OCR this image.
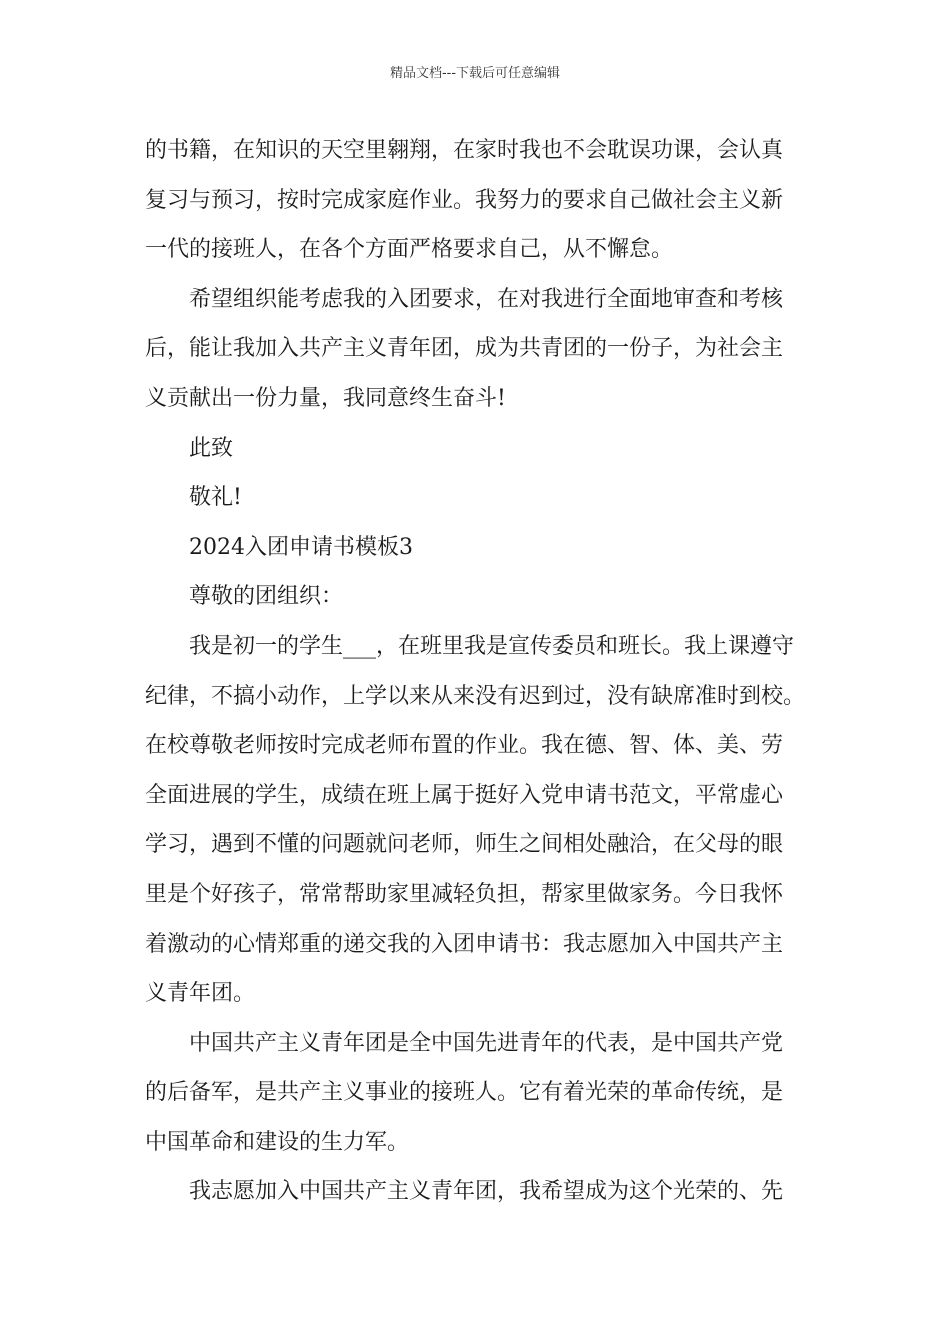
精品文档---下载后可任意编辑
的书籍，在知识的天空里翱翔，在家时我也不会耽误功课，会认真
复习与预习，按时完成家庭作业。我努力的要求自己做社会主义新
一代的接班人，在各个方面严格要求自己，从不懈怠。
希望组织能考虑我的入团要求，在对我进行全面地审查和考核
后，能让我加入共产主义青年团，成为共青团的一份子，为社会主
义贡献出一份力量，我同意终生奋斗!
此致
敬礼!
2024入团申请书模板3
尊敬的团组织：
我是初一的学生___，在班里我是宣传委员和班长。我上课遵守
纪律，不搞小动作，上学以来从来没有迟到过，没有缺席准时到校。
在校尊敬老师按时完成老师布置的作业。我在德、智、体、美、劳
全面进展的学生，成绩在班上属于挺好入党申请书范文，平常虚心
学习，遇到不懂的问题就问老师，师生之间相处融洽，在父母的眼
里是个好孩子，常常帮助家里减轻负担，帮家里做家务。今日我怀
着激动的心情郑重的递交我的入团申请书：我志愿加入中国共产主
义青年团。
中国共产主义青年团是全中国先进青年的代表，是中国共产党
的后备军，是共产主义事业的接班人。它有着光荣的革命传统，是
中国革命和建设的生力军。
我志愿加入中国共产主义青年团，我希望成为这个光荣的、先
